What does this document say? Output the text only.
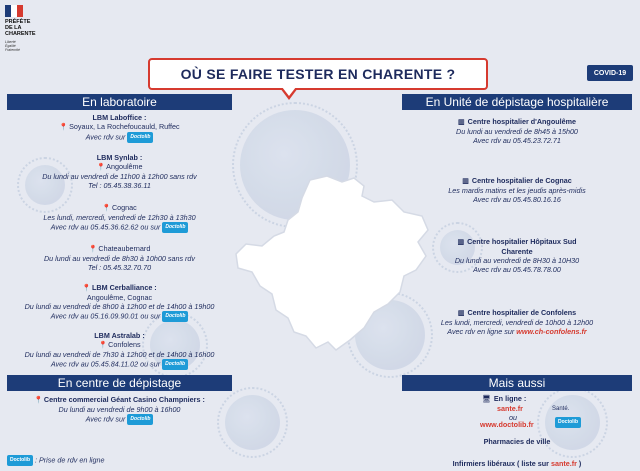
PRÉFÈTE
DE LA
CHARENTE
Liberté
Égalité
Fraternité
OÙ SE FAIRE TESTER EN CHARENTE ?	COVID-19
En laboratoire
LBM Laboffice :
📍Soyaux, La Rochefoucauld, Ruffec
Avec rdv sur Doctolib
LBM Synlab :
📍Angoulême
Du lundi au vendredi de 11h00 à 12h00 sans rdv
Tel : 05.45.38.36.11
📍Cognac
Les lundi, mercredi, vendredi de 12h30 à 13h30
Avec rdv au 05.45.36.62.62 ou sur Doctolib
📍Chateaubernard
Du lundi au vendredi de 8h30 à 10h00 sans rdv
Tel : 05.45.32.70.70
📍LBM Cerballiance :
Angoulême, Cognac
Du lundi au vendredi de 8h00 à 12h00 et de 14h00 à 19h00
Avec rdv au 05.16.09.90.01 ou sur Doctolib
LBM Astralab :
📍Confolens
Du lundi au vendredi de 7h30 à 12h00 et de 14h00 à 16h00
Avec rdv au 05.45.84.11.02 ou sur Doctolib
En centre de dépistage
📍Centre commercial Géant Casino Champniers :
Du lundi au vendredi de 9h00 à 16h00
Avec rdv sur Doctolib
Doctolib : Prise de rdv en ligne
En Unité de dépistage hospitalière
▥ Centre hospitalier d'Angoulême
Du lundi au vendredi de 8h45 à 15h00
Avec rdv au 05.45.23.72.71
▥ Centre hospitalier de Cognac
Les mardis matins et les jeudis après-midis
Avec rdv au 05.45.80.16.16
▥ Centre hospitalier Hôpitaux Sud
Charente
Du lundi au vendredi de 8H30 à 10H30
Avec rdv au 05.45.78.78.00
▥ Centre hospitalier de Confolens
Les lundi, mercredi, vendredi de 10h00 à 12h00
Avec rdv en ligne sur www.ch-confolens.fr
Mais aussi
🖥 En ligne :
sante.fr
ou
www.doctolib.fr
Santé.
Doctolib
Pharmacies de ville
Infirmiers libéraux ( liste sur sante.fr )
